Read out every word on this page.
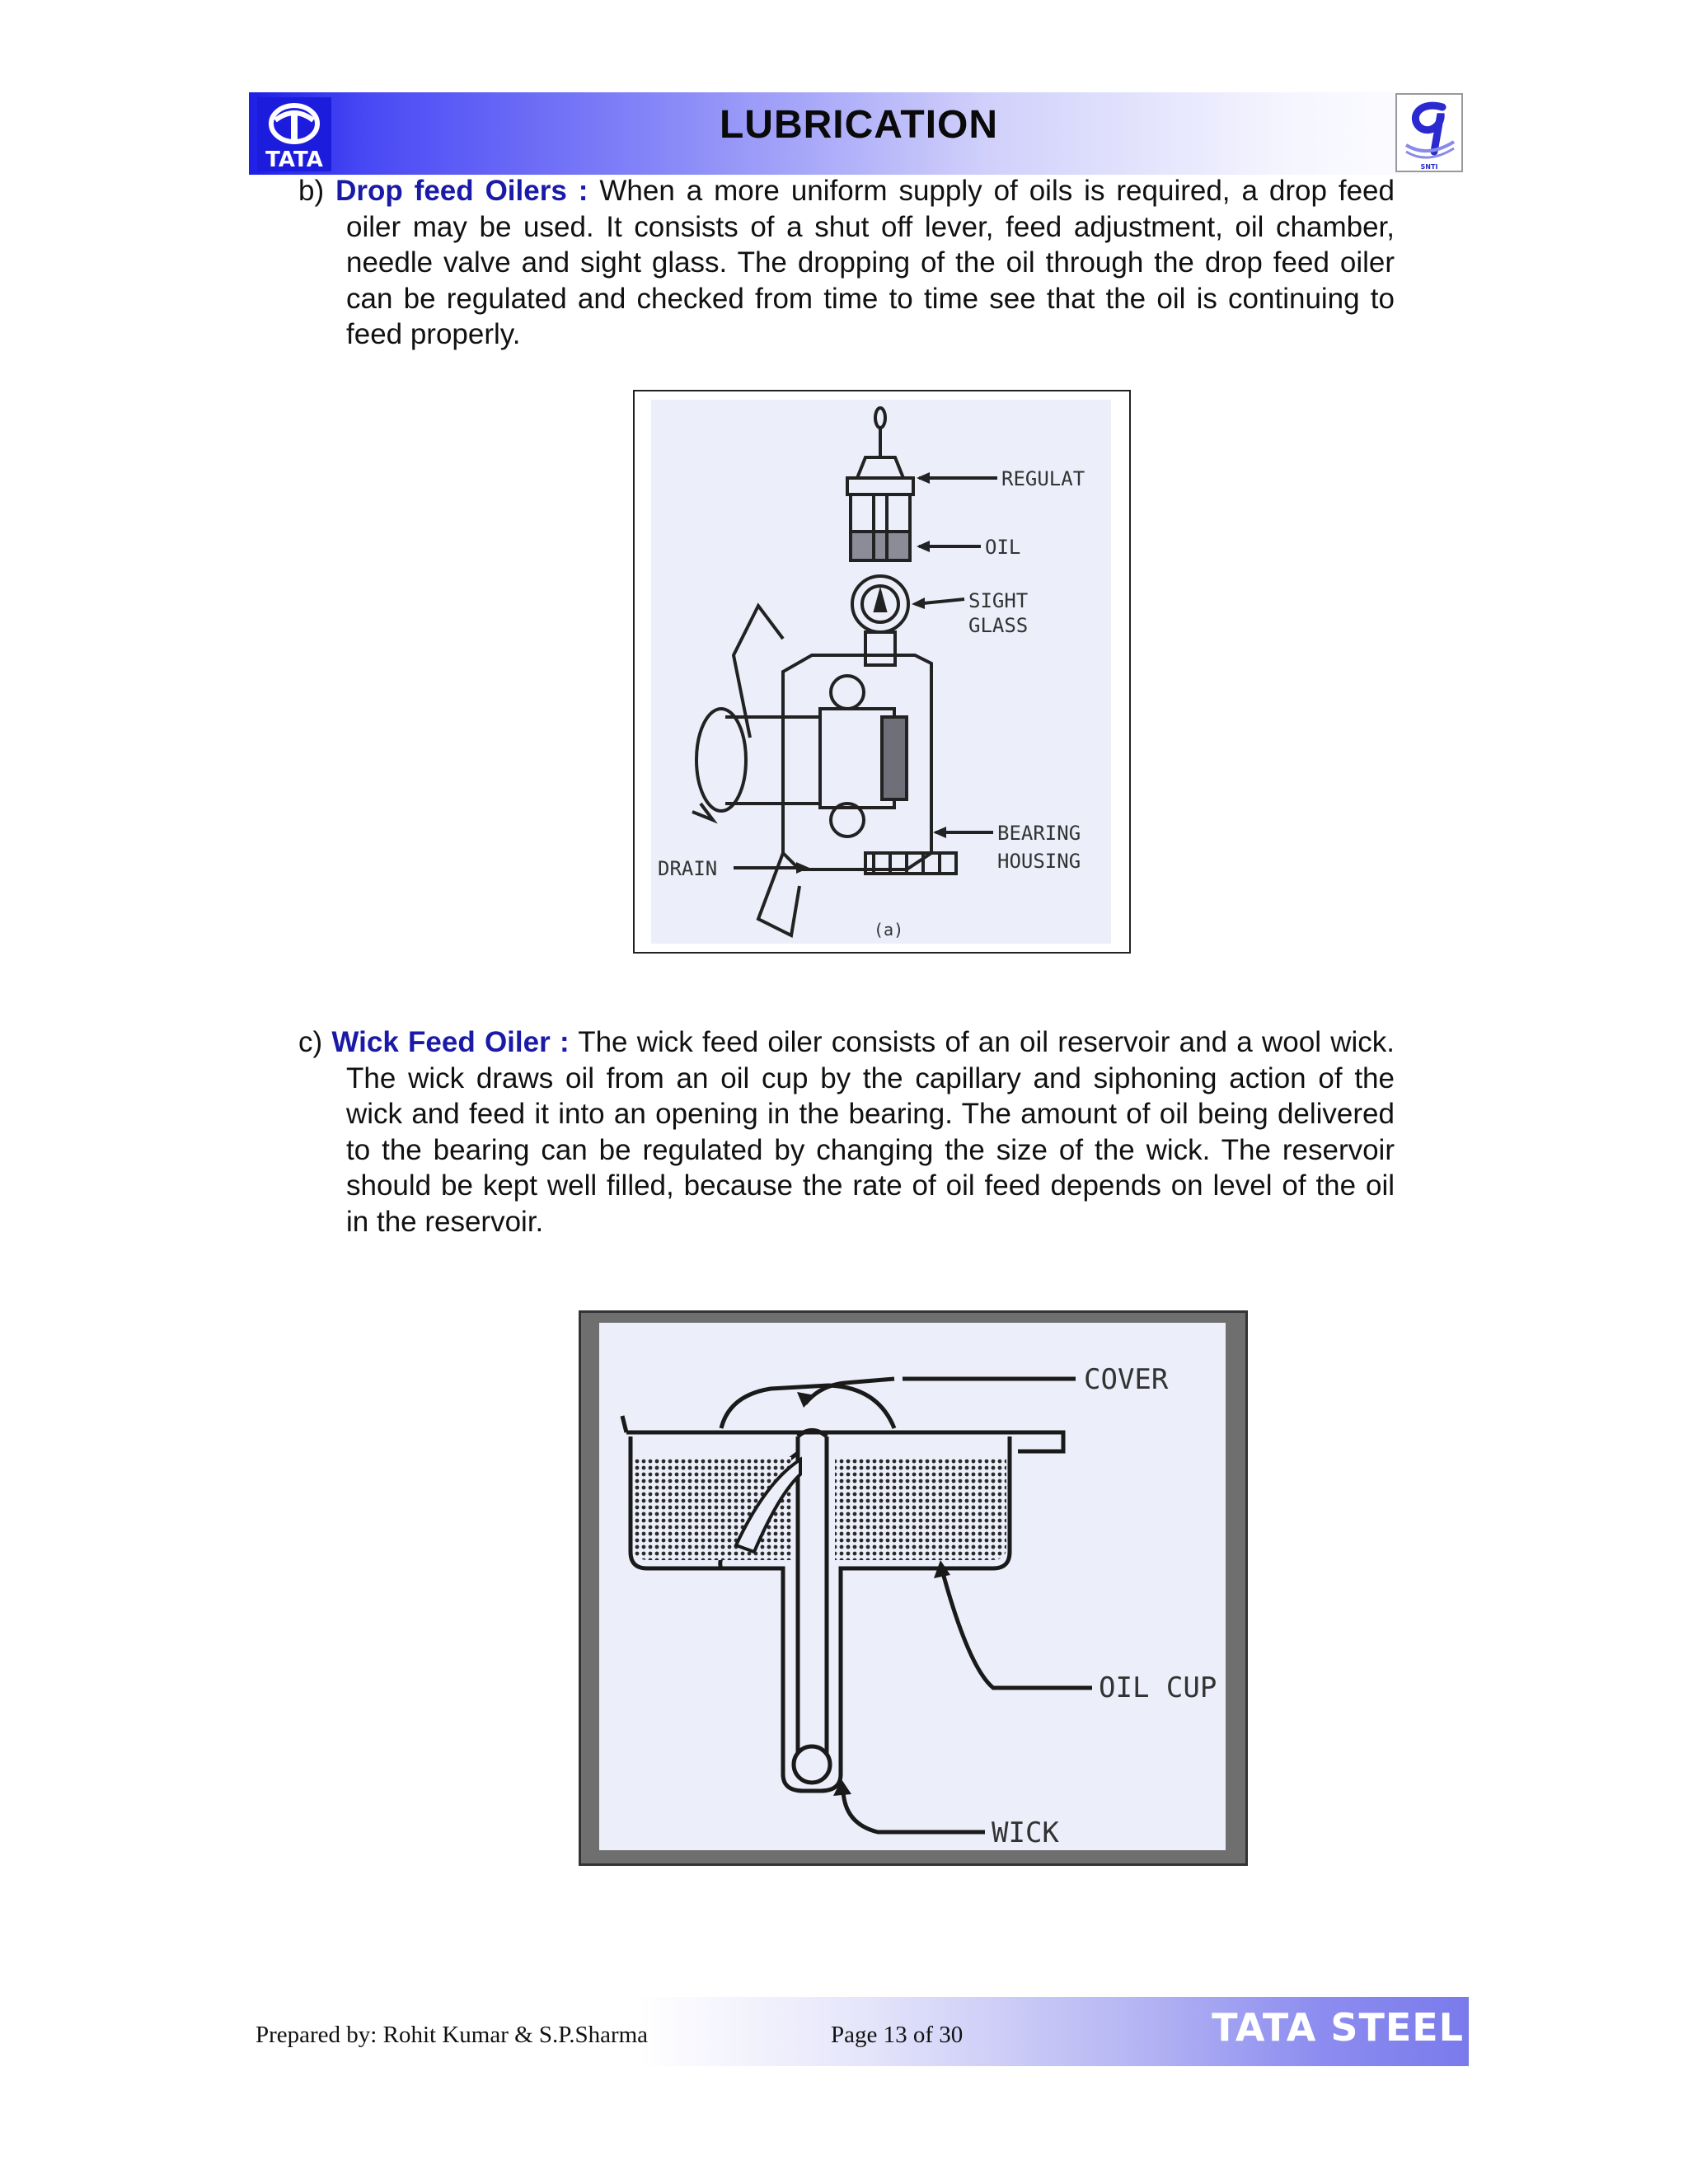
TATA
LUBRICATION
SNTI

b) Drop feed Oilers : When a more uniform supply of oils is required, a drop feed oiler may be used. It consists of a shut off lever, feed adjustment, oil chamber, needle valve and sight glass. The dropping of the oil through the drop feed oiler can be regulated and checked from time to time see that the oil is continuing to feed properly.

REGULAT
OIL
SIGHT
GLASS
BEARING
HOUSING
DRAIN
(a)

c) Wick Feed Oiler : The wick feed oiler consists of an oil reservoir and a wool wick. The wick draws oil from an oil cup by the capillary and siphoning action of the wick and feed it into an opening in the bearing. The amount of oil being delivered to the bearing can be regulated by changing the size of the wick. The reservoir should be kept well filled, because the rate of oil feed depends on level of the oil in the reservoir.

COVER
OIL CUP
WICK
Prepared by: Rohit Kumar & S.P.Sharma	Page 13 of 30	TATA STEEL
